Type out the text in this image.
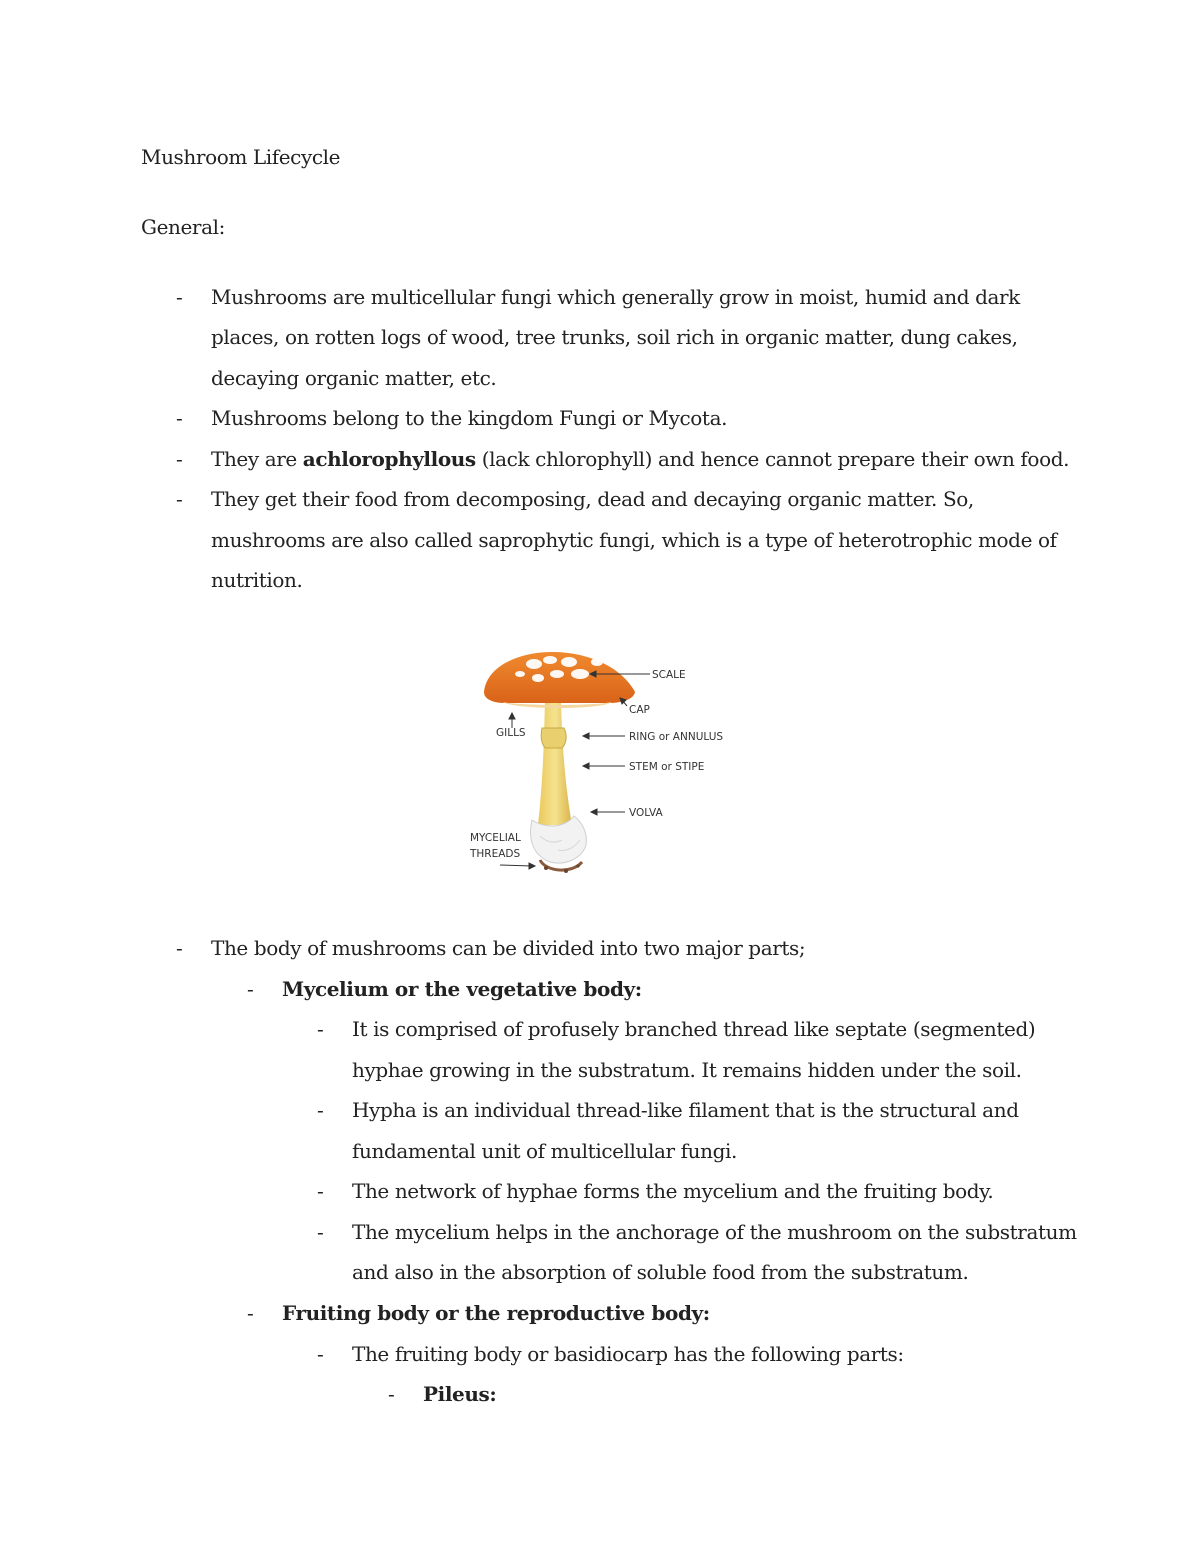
Mushroom Lifecycle
General:
- Mushrooms are multicellular fungi which generally grow in moist, humid and dark
places, on rotten logs of wood, tree trunks, soil rich in organic matter, dung cakes,
decaying organic matter, etc.
- Mushrooms belong to the kingdom Fungi or Mycota.
- They are achlorophyllous (lack chlorophyll) and hence cannot prepare their own food.
- They get their food from decomposing, dead and decaying organic matter. So,
mushrooms are also called saprophytic fungi, which is a type of heterotrophic mode of
nutrition.
SCALE
CAP
GILLS	RING or ANNULUS
STEM or STIPE
VOLVA
MYCELIAL
THREADS
- The body of mushrooms can be divided into two major parts;
- Mycelium or the vegetative body:
- It is comprised of profusely branched thread like septate (segmented)
hyphae growing in the substratum. It remains hidden under the soil.
- Hypha is an individual thread-like filament that is the structural and
fundamental unit of multicellular fungi.
- The network of hyphae forms the mycelium and the fruiting body.
- The mycelium helps in the anchorage of the mushroom on the substratum
and also in the absorption of soluble food from the substratum.
- Fruiting body or the reproductive body:
- The fruiting body or basidiocarp has the following parts:
- Pileus:
